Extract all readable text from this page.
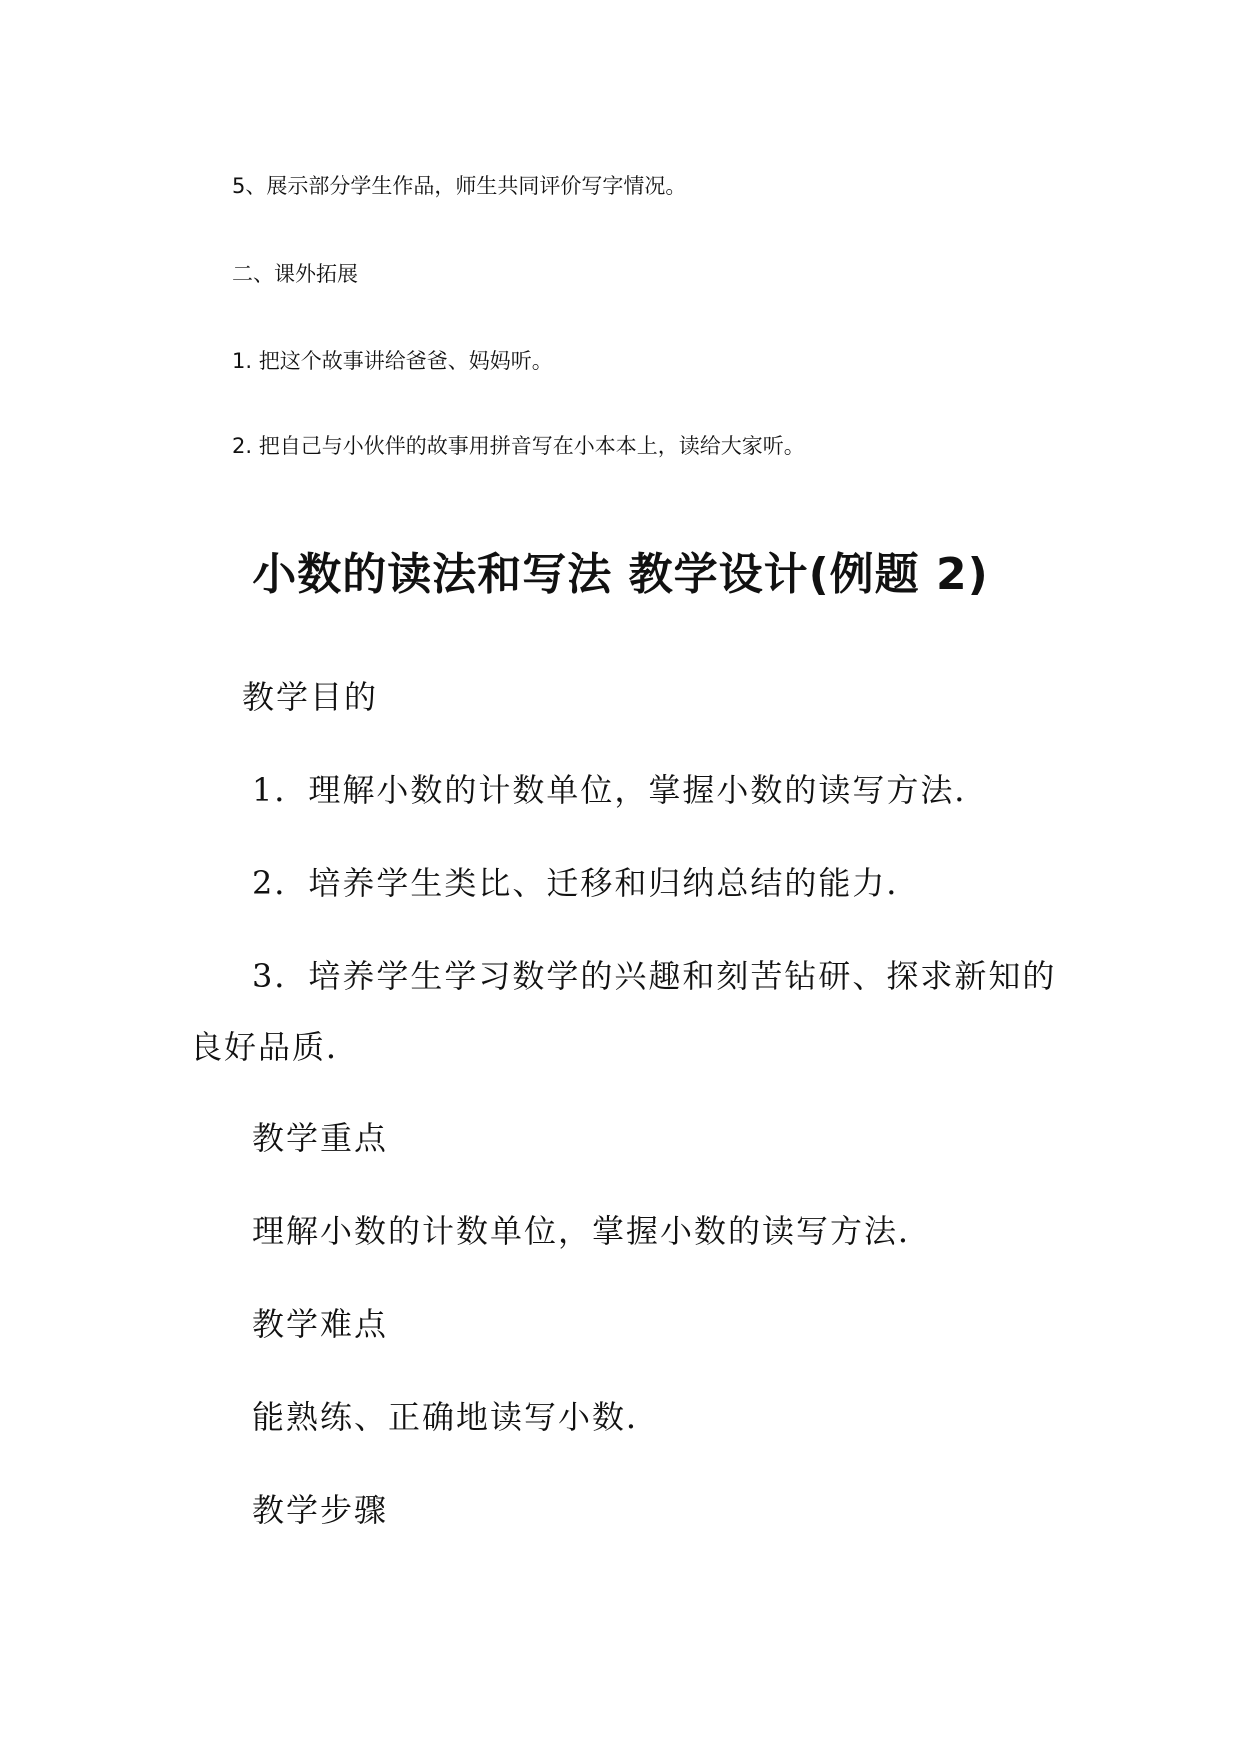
5、展示部分学生作品，师生共同评价写字情况。

二、课外拓展

1. 把这个故事讲给爸爸、妈妈听。

2. 把自己与小伙伴的故事用拼音写在小本本上，读给大家听。

小数的读法和写法 教学设计(例题 2)

教学目的

1．理解小数的计数单位，掌握小数的读写方法．

2．培养学生类比、迁移和归纳总结的能力．

3．培养学生学习数学的兴趣和刻苦钻研、探求新知的

良好品质．

教学重点

理解小数的计数单位，掌握小数的读写方法．

教学难点

能熟练、正确地读写小数．

教学步骤
